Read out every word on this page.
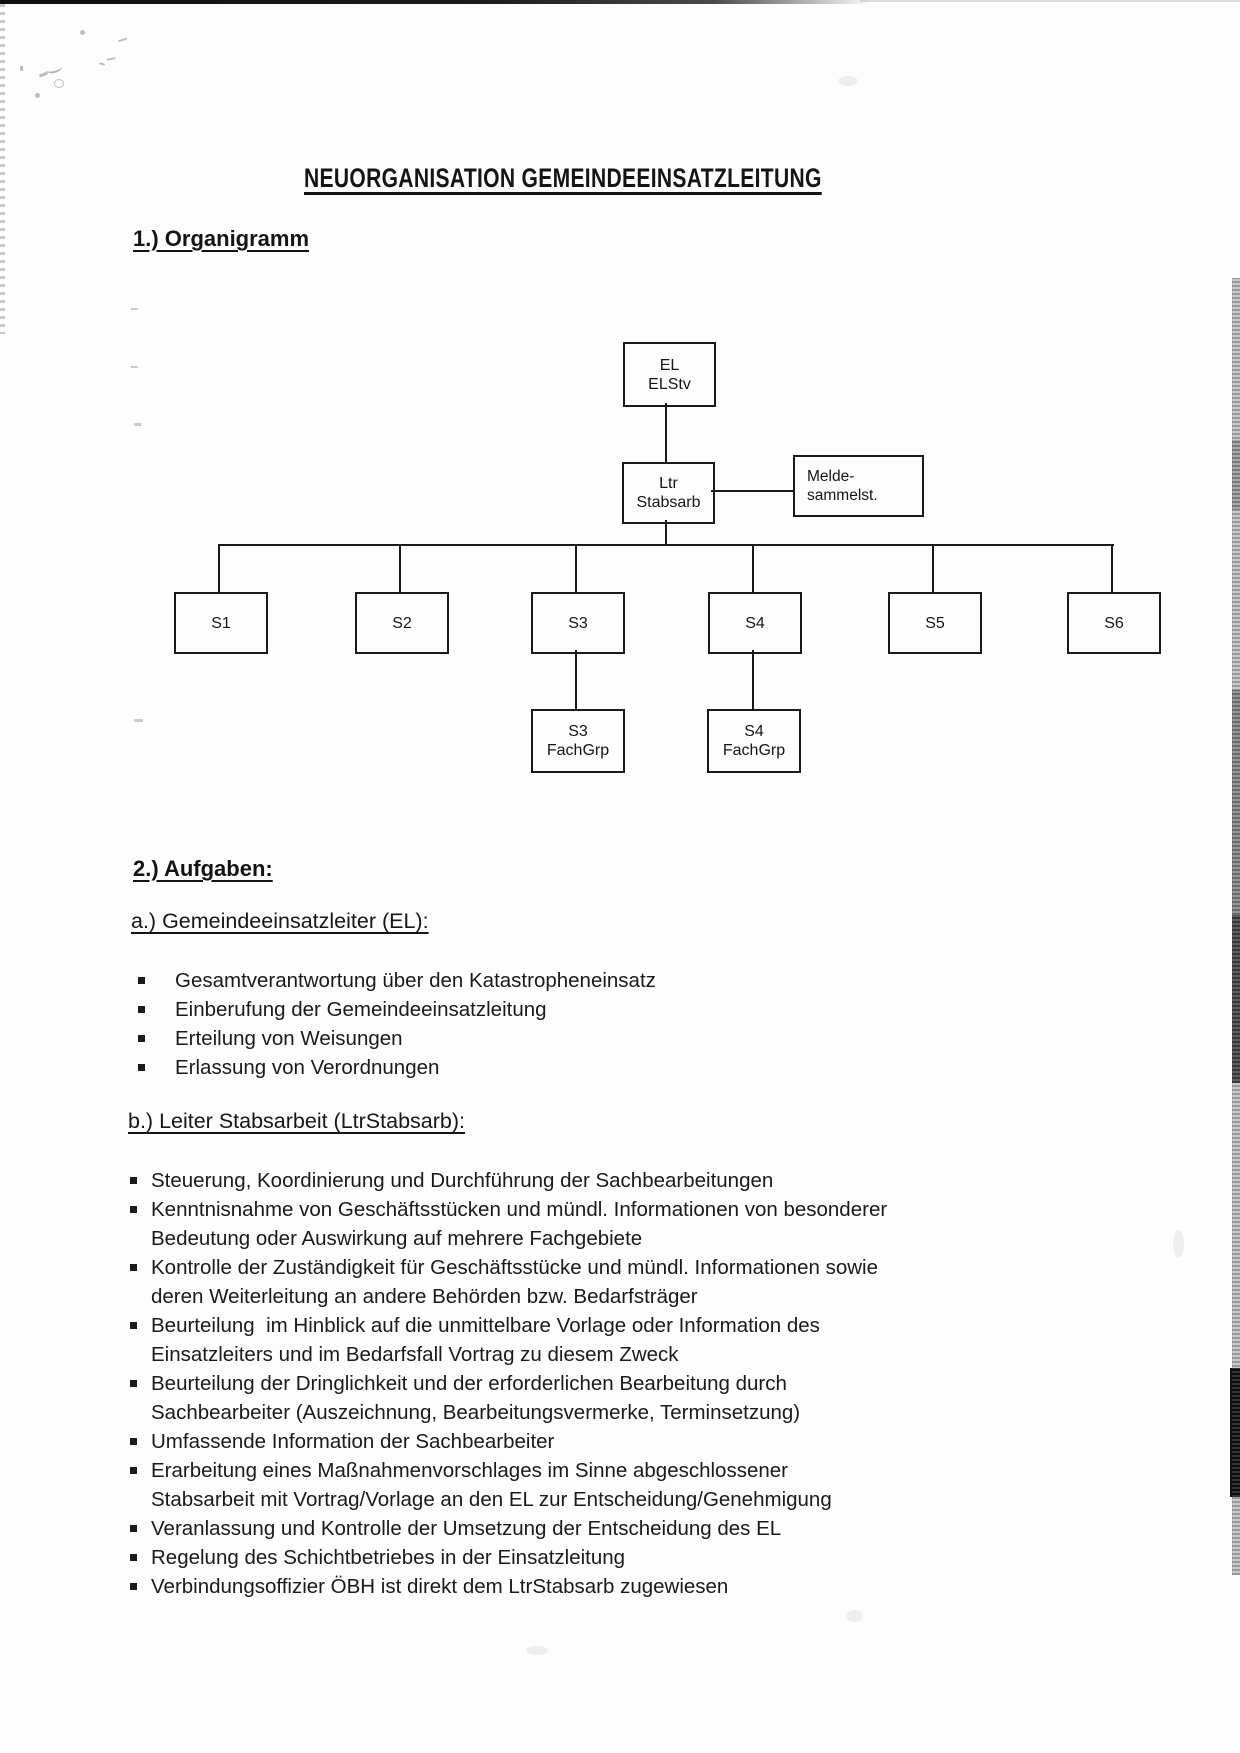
NEUORGANISATION GEMEINDEEINSATZLEITUNG
1.) Organigramm
EL
ELStv
Ltr
Stabsarb
Melde-
sammelst.
S1	S2	S3	S4	S5	S6
S3
FachGrp
S4
FachGrp
2.) Aufgaben:
a.) Gemeindeeinsatzleiter (EL):
Gesamtverantwortung über den Katastropheneinsatz
Einberufung der Gemeindeeinsatzleitung
Erteilung von Weisungen
Erlassung von Verordnungen
b.) Leiter Stabsarbeit (LtrStabsarb):
Steuerung, Koordinierung und Durchführung der Sachbearbeitungen
Kenntnisnahme von Geschäftsstücken und mündl. Informationen von besonderer
Bedeutung oder Auswirkung auf mehrere Fachgebiete
Kontrolle der Zuständigkeit für Geschäftsstücke und mündl. Informationen sowie
deren Weiterleitung an andere Behörden bzw. Bedarfsträger
Beurteilung  im Hinblick auf die unmittelbare Vorlage oder Information des
Einsatzleiters und im Bedarfsfall Vortrag zu diesem Zweck
Beurteilung der Dringlichkeit und der erforderlichen Bearbeitung durch
Sachbearbeiter (Auszeichnung, Bearbeitungsvermerke, Terminsetzung)
Umfassende Information der Sachbearbeiter
Erarbeitung eines Maßnahmenvorschlages im Sinne abgeschlossener
Stabsarbeit mit Vortrag/Vorlage an den EL zur Entscheidung/Genehmigung
Veranlassung und Kontrolle der Umsetzung der Entscheidung des EL
Regelung des Schichtbetriebes in der Einsatzleitung
Verbindungsoffizier ÖBH ist direkt dem LtrStabsarb zugewiesen
